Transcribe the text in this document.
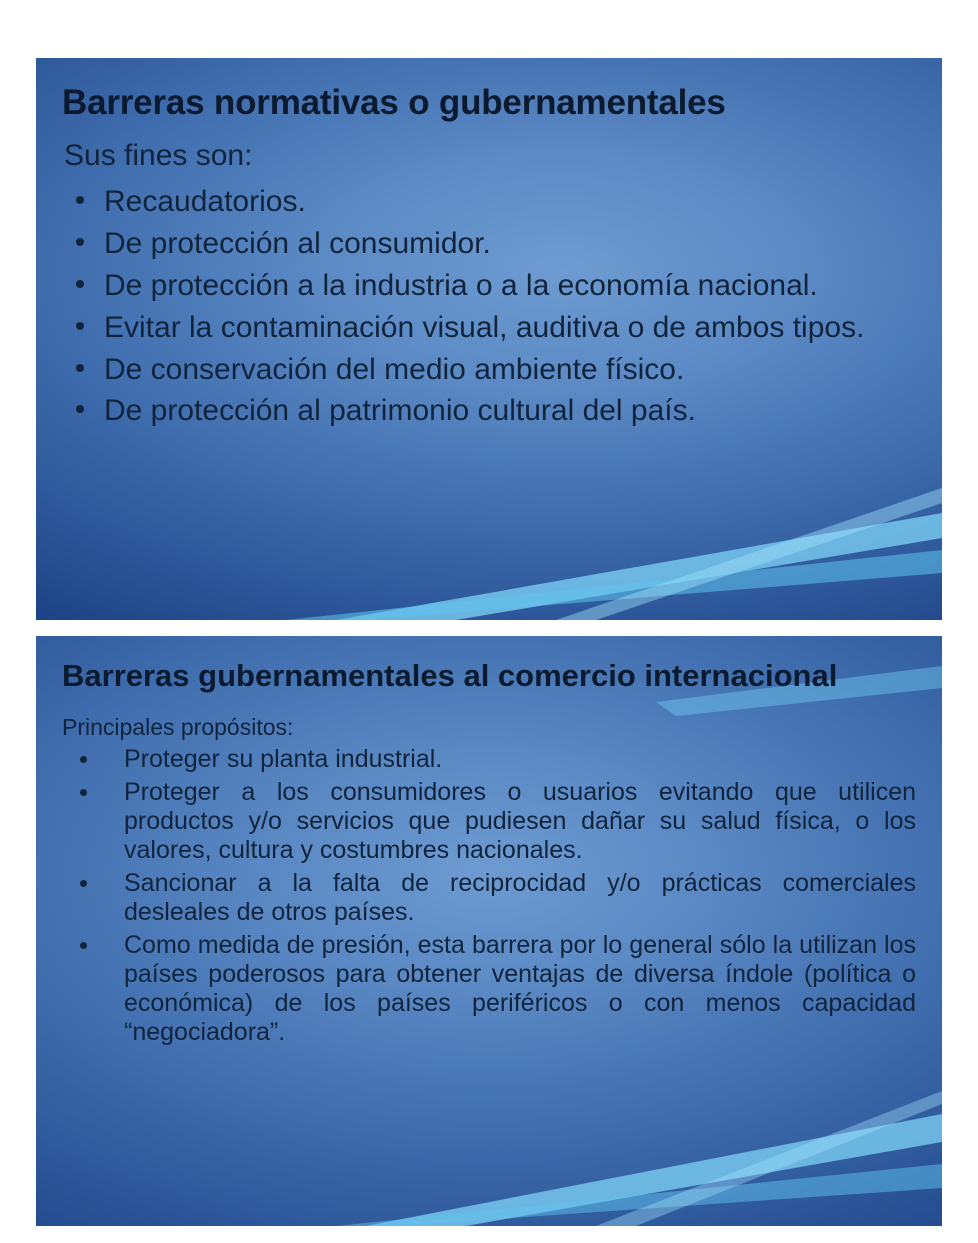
Barreras normativas o gubernamentales

Sus fines son:

Recaudatorios.
De protección al consumidor.
De protección a la industria o a la economía nacional.
Evitar la contaminación visual, auditiva o de ambos tipos.
De conservación del medio ambiente físico.
De protección al patrimonio cultural del país.
Barreras gubernamentales al comercio internacional

Principales propósitos:

Proteger su planta industrial.
Proteger a los consumidores o usuarios evitando que utilicen productos y/o servicios que pudiesen dañar su salud física, o los valores, cultura y costumbres nacionales.
Sancionar a la falta de reciprocidad y/o prácticas comerciales desleales de otros países.
Como medida de presión, esta barrera por lo general sólo la utilizan los países poderosos para obtener ventajas de diversa índole (política o económica) de los países periféricos o con menos capacidad “negociadora”.
